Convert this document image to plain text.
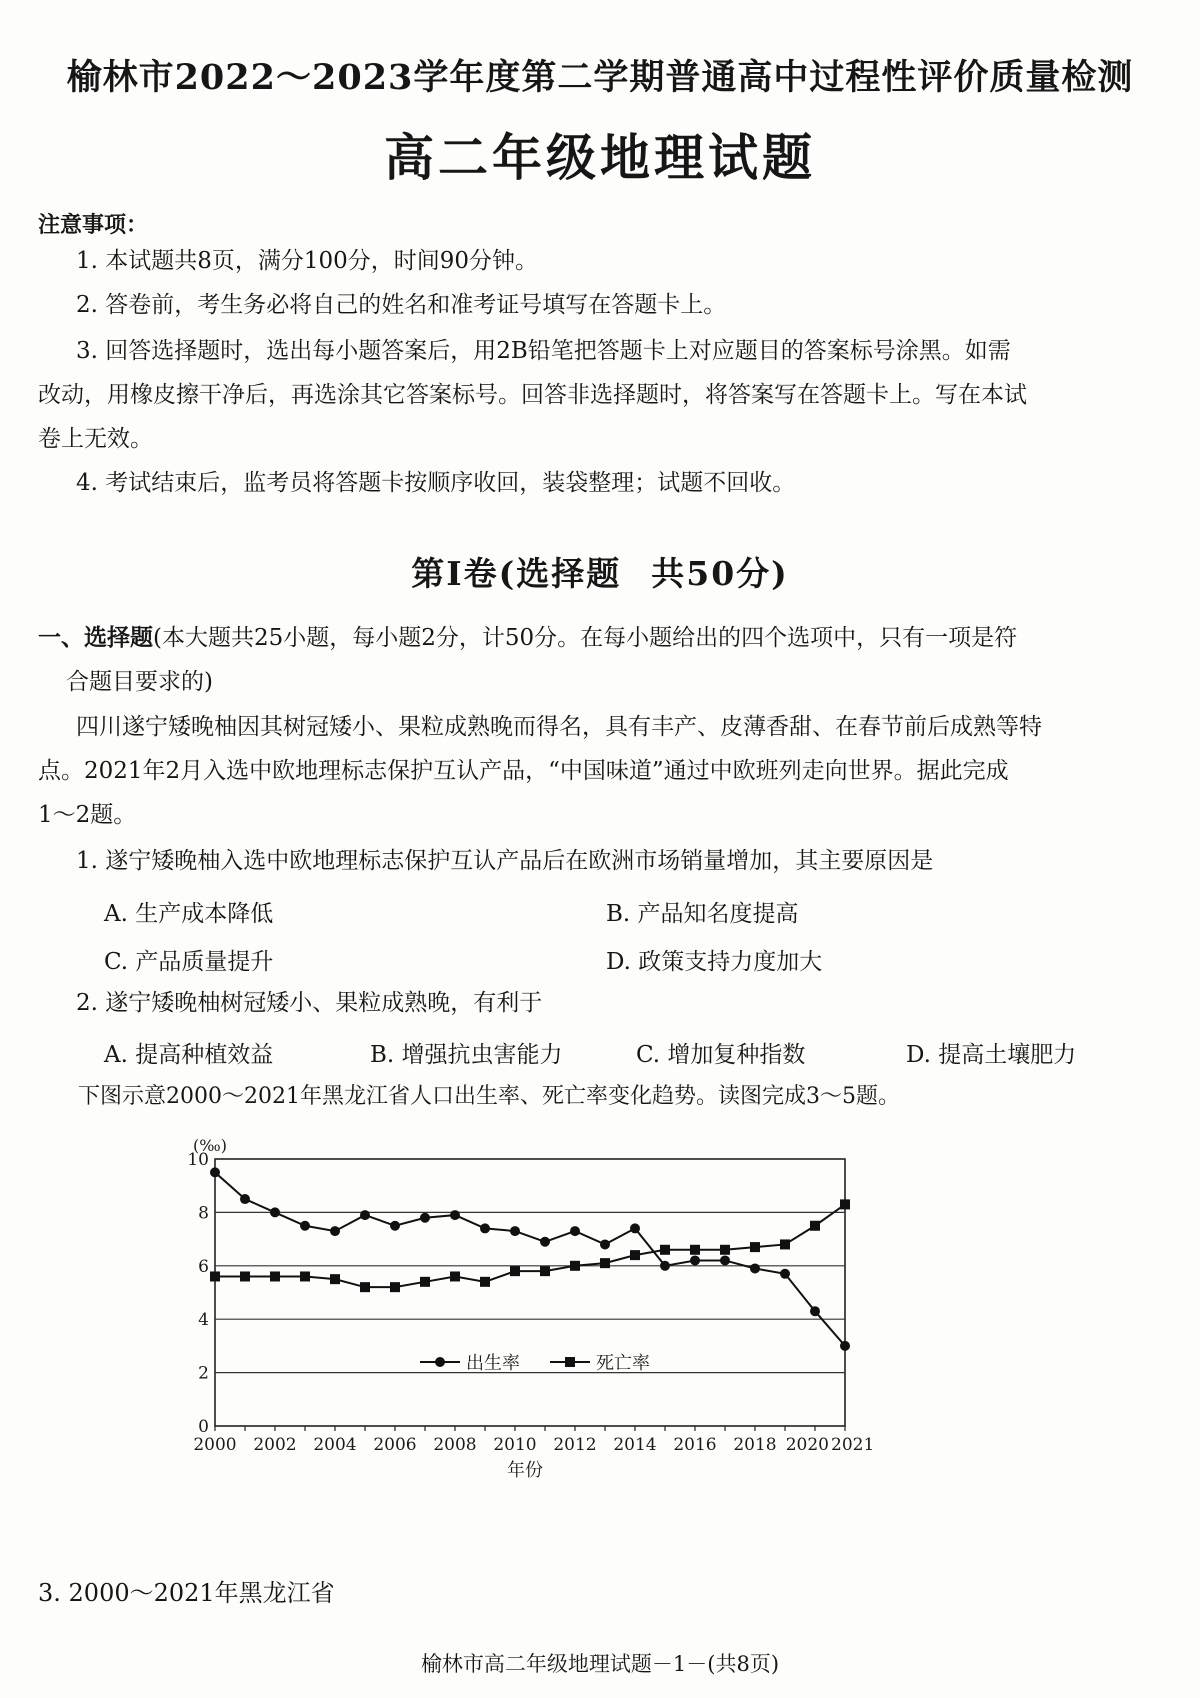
榆林市2022～2023学年度第二学期普通高中过程性评价质量检测
高二年级地理试题
注意事项：
1. 本试题共8页，满分100分，时间90分钟。
2. 答卷前，考生务必将自己的姓名和准考证号填写在答题卡上。
3. 回答选择题时，选出每小题答案后，用2B铅笔把答题卡上对应题目的答案标号涂黑。如需
改动，用橡皮擦干净后，再选涂其它答案标号。回答非选择题时，将答案写在答题卡上。写在本试
卷上无效。
4. 考试结束后，监考员将答题卡按顺序收回，装袋整理；试题不回收。
第Ⅰ卷(选择题 共50分)
一、选择题(本大题共25小题，每小题2分，计50分。在每小题给出的四个选项中，只有一项是符
合题目要求的)
四川遂宁矮晚柚因其树冠矮小、果粒成熟晚而得名，具有丰产、皮薄香甜、在春节前后成熟等特
点。2021年2月入选中欧地理标志保护互认产品，“中国味道”通过中欧班列走向世界。据此完成
1～2题。
1. 遂宁矮晚柚入选中欧地理标志保护互认产品后在欧洲市场销量增加，其主要原因是
A. 生产成本降低	B. 产品知名度提高
C. 产品质量提升	D. 政策支持力度加大
2. 遂宁矮晚柚树冠矮小、果粒成熟晚，有利于
A. 提高种植效益	B. 增强抗虫害能力	C. 增加复种指数	D. 提高土壤肥力
下图示意2000～2021年黑龙江省人口出生率、死亡率变化趋势。读图完成3～5题。
0
2
4
6
8
10
2000 2002 2004 2006 2008 2010 2012 2014 2016 2018 2020 2021
(‰)
年份
出生率	死亡率
3. 2000～2021年黑龙江省
榆林市高二年级地理试题－1－(共8页)
